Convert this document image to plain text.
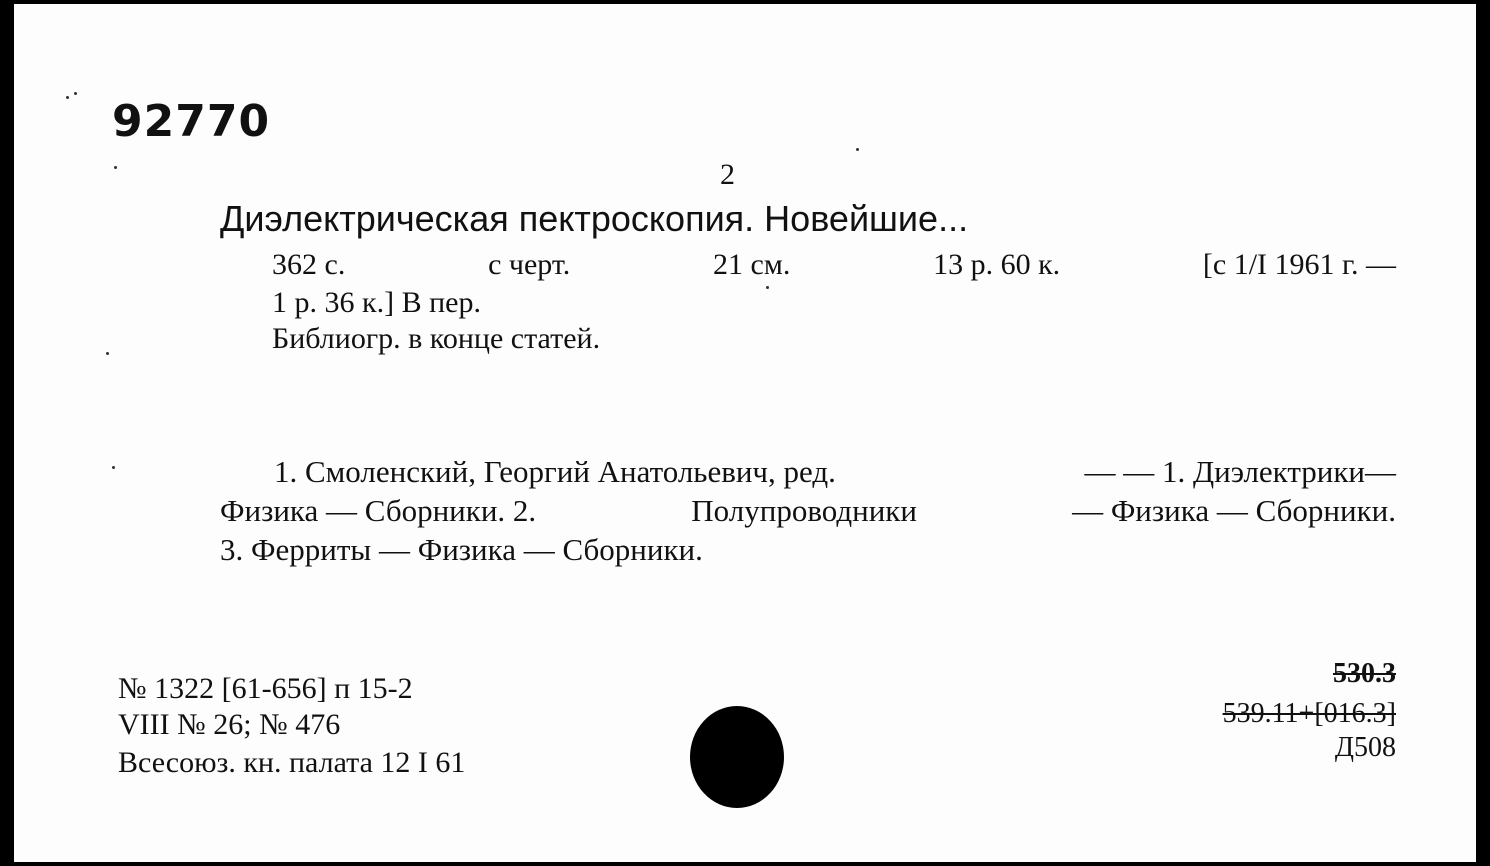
92770
2
Диэлектрическая пектроскопия. Новейшие...
362 с.	с черт.	21 см.	13 р. 60 к.	[с 1/I 1961 г. —
1 р. 36 к.] В пер.
Библиогр. в конце статей.
1. Смоленский, Георгий Анатольевич, ред.	— — 1. Диэлектрики—
Физика — Сборники. 2.	Полупроводники	— Физика — Сборники.
3. Ферриты — Физика — Сборники.
№ 1322 [61-656] п 15-2
VIII № 26; № 476
Всесоюз. кн. палата 12 I 61
530.3
539.11+[016.3]
Д508
